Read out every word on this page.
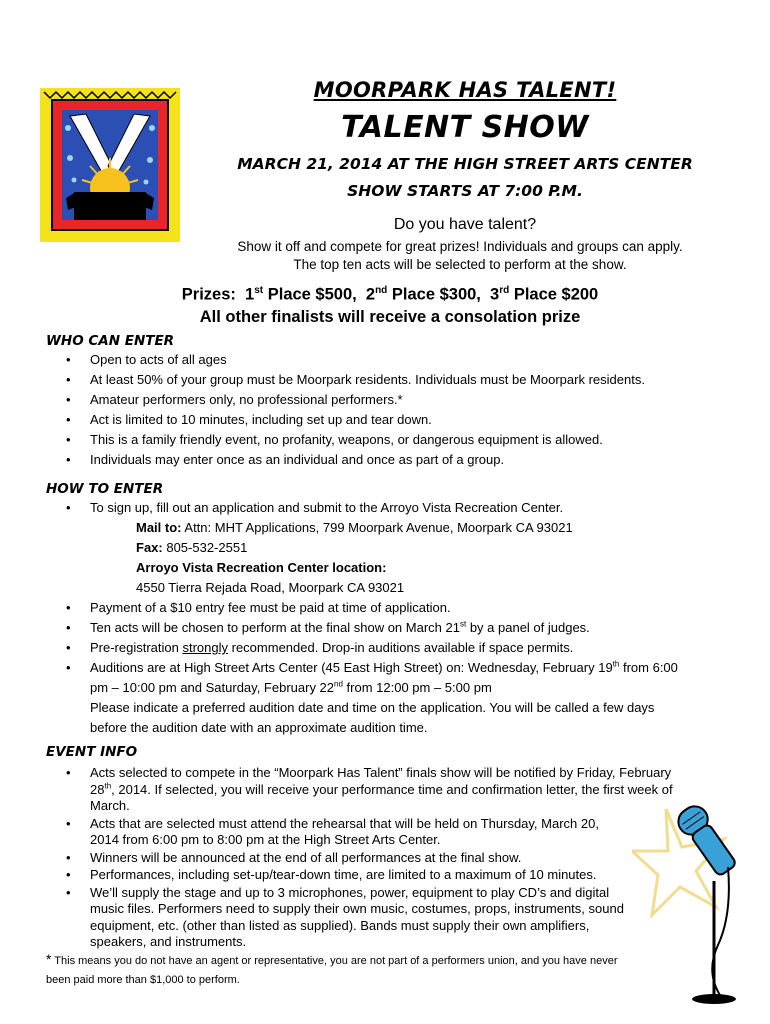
MOORPARK HAS TALENT!
TALENT SHOW
MARCH 21, 2014 AT THE HIGH STREET ARTS CENTER
SHOW STARTS AT 7:00 P.M.
Do you have talent?
Show it off and compete for great prizes! Individuals and groups can apply.
The top ten acts will be selected to perform at the show.
Prizes: 1st Place $500, 2nd Place $300, 3rd Place $200
All other finalists will receive a consolation prize
WHO CAN ENTER
• Open to acts of all ages
• At least 50% of your group must be Moorpark residents. Individuals must be Moorpark residents.
• Amateur performers only, no professional performers.*
• Act is limited to 10 minutes, including set up and tear down.
• This is a family friendly event, no profanity, weapons, or dangerous equipment is allowed.
• Individuals may enter once as an individual and once as part of a group.
HOW TO ENTER
• To sign up, fill out an application and submit to the Arroyo Vista Recreation Center.
Mail to: Attn: MHT Applications, 799 Moorpark Avenue, Moorpark CA 93021
Fax: 805-532-2551
Arroyo Vista Recreation Center location:
4550 Tierra Rejada Road, Moorpark CA 93021
• Payment of a $10 entry fee must be paid at time of application.
• Ten acts will be chosen to perform at the final show on March 21st by a panel of judges.
• Pre-registration strongly recommended. Drop-in auditions available if space permits.
• Auditions are at High Street Arts Center (45 East High Street) on: Wednesday, February 19th from 6:00
pm – 10:00 pm and Saturday, February 22nd from 12:00 pm – 5:00 pm
Please indicate a preferred audition date and time on the application. You will be called a few days
before the audition date with an approximate audition time.
EVENT INFO
• Acts selected to compete in the “Moorpark Has Talent” finals show will be notified by Friday, February
28th, 2014. If selected, you will receive your performance time and confirmation letter, the first week of
March.
• Acts that are selected must attend the rehearsal that will be held on Thursday, March 20,
2014 from 6:00 pm to 8:00 pm at the High Street Arts Center.
• Winners will be announced at the end of all performances at the final show.
• Performances, including set-up/tear-down time, are limited to a maximum of 10 minutes.
• We’ll supply the stage and up to 3 microphones, power, equipment to play CD’s and digital
music files. Performers need to supply their own music, costumes, props, instruments, sound
equipment, etc. (other than listed as supplied). Bands must supply their own amplifiers,
speakers, and instruments.
* This means you do not have an agent or representative, you are not part of a performers union, and you have never
been paid more than $1,000 to perform.
